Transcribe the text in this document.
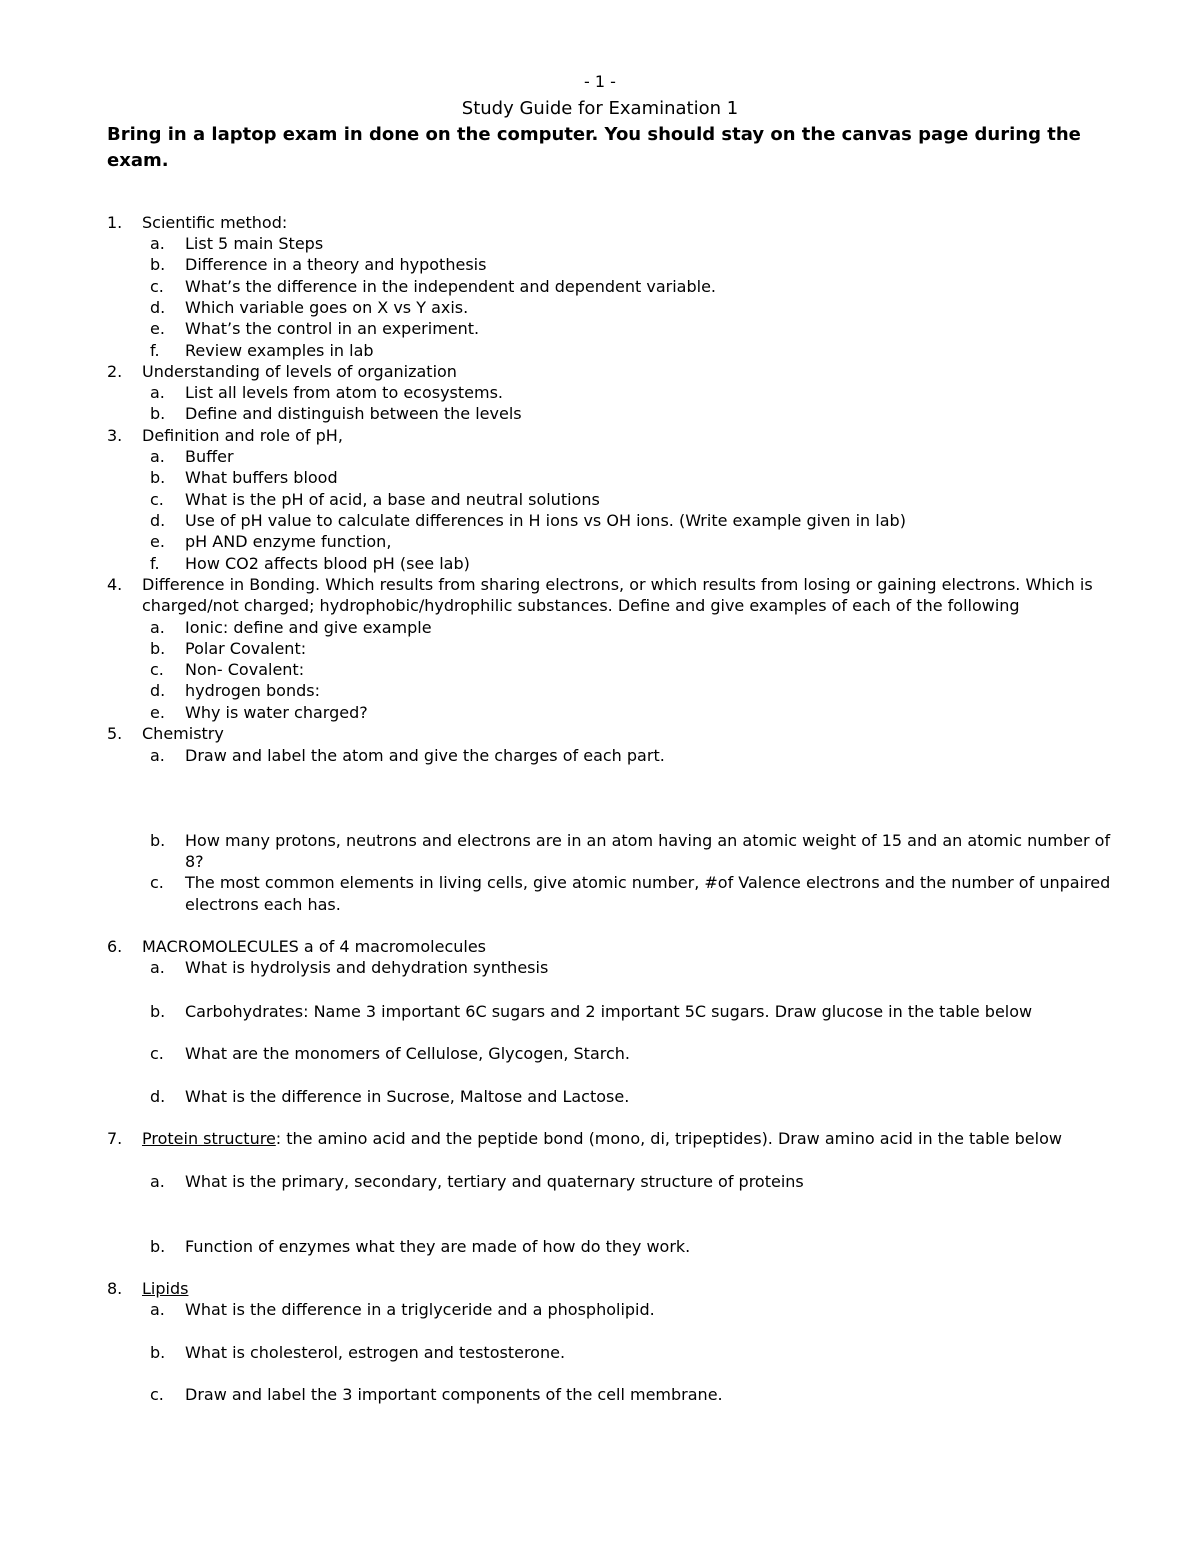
- 1 -
Study Guide for Examination 1
Bring in a laptop exam in done on the computer. You should stay on the canvas page during the exam.
1. Scientific method:
a. List 5 main Steps
b. Difference in a theory and hypothesis
c. What’s the difference in the independent and dependent variable.
d. Which variable goes on X vs Y axis.
e. What’s the control in an experiment.
f. Review examples in lab
2. Understanding of levels of organization
a. List all levels from atom to ecosystems.
b. Define and distinguish between the levels
3. Definition and role of pH,
a. Buffer
b. What buffers blood
c. What is the pH of acid, a base and neutral solutions
d. Use of pH value to calculate differences in H ions vs OH ions. (Write example given in lab)
e. pH AND enzyme function,
f. How CO2 affects blood pH (see lab)
4. Difference in Bonding. Which results from sharing electrons, or which results from losing or gaining electrons. Which is
charged/not charged; hydrophobic/hydrophilic substances. Define and give examples of each of the following
a. Ionic: define and give example
b. Polar Covalent:
c. Non- Covalent:
d. hydrogen bonds:
e. Why is water charged?
5. Chemistry
a. Draw and label the atom and give the charges of each part.
b. How many protons, neutrons and electrons are in an atom having an atomic weight of 15 and an atomic number of
8?
c. The most common elements in living cells, give atomic number, #of Valence electrons and the number of unpaired
electrons each has.
6. MACROMOLECULES a of 4 macromolecules
a. What is hydrolysis and dehydration synthesis
b. Carbohydrates: Name 3 important 6C sugars and 2 important 5C sugars. Draw glucose in the table below
c. What are the monomers of Cellulose, Glycogen, Starch.
d. What is the difference in Sucrose, Maltose and Lactose.
7. Protein structure: the amino acid and the peptide bond (mono, di, tripeptides). Draw amino acid in the table below
a. What is the primary, secondary, tertiary and quaternary structure of proteins
b. Function of enzymes what they are made of how do they work.
8. Lipids
a. What is the difference in a triglyceride and a phospholipid.
b. What is cholesterol, estrogen and testosterone.
c. Draw and label the 3 important components of the cell membrane.
